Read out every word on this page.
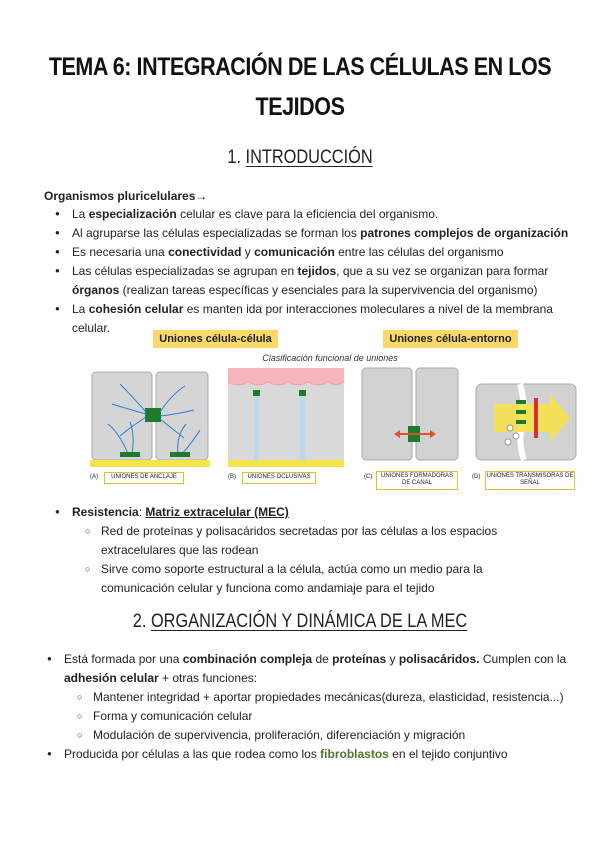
TEMA 6: INTEGRACIÓN DE LAS CÉLULAS EN LOS
TEJIDOS
1. INTRODUCCIÓN
Organismos pluricelulares→
● La especialización celular es clave para la eficiencia del organismo.
● Al agruparse las células especializadas se forman los patrones complejos de organización
● Es necesaria una conectividad y comunicación entre las células del organismo
● Las células especializadas se agrupan en tejidos, que a su vez se organizan para formar
órganos (realizan tareas específicas y esenciales para la supervivencia del organismo)
● La cohesión celular es manten ida por interacciones moleculares a nivel de la membrana
celular.
Uniones célula-célula	Uniones célula-entorno
Clasificación funcional de uniones
(A)	UNIONES DE ANCLAJE	(B)	UNIONES OCLUSIVAS	(C)	UNIONES FORMADORAS DE CANAL
(D) UNIONES TRANSMISORAS DE SEÑAL
● Resistencia: Matriz extracelular (MEC)
○ Red de proteínas y polisacáridos secretadas por las células a los espacios
extracelulares que las rodean
○ Sirve como soporte estructural a la célula, actúa como un medio para la
comunicación celular y funciona como andamiaje para el tejido
2. ORGANIZACIÓN Y DINÁMICA DE LA MEC
● Está formada por una combinación compleja de proteínas y polisacáridos. Cumplen con la
adhesión celular + otras funciones:
○ Mantener integridad + aportar propiedades mecánicas(dureza, elasticidad, resistencia...)
○ Forma y comunicación celular
○ Modulación de supervivencia, proliferación, diferenciación y migración
● Producida por células a las que rodea como los fibroblastos en el tejido conjuntivo
